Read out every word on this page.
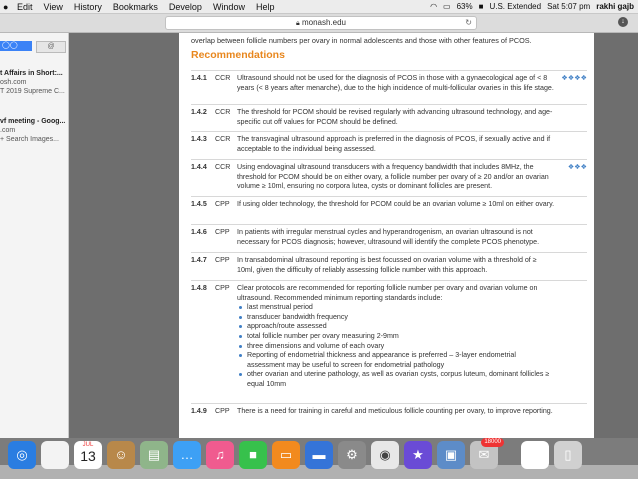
● Edit View History Bookmarks Develop Window Help	◠ ▭ 63% ■ U.S. Extended Sat 5:07 pm rakhi gajb
🔒︎ monash.edu	↻	↓
◯◯	@
t Affairs in Short:...
osh.com
T 2019 Supreme C...
vf meeting - Goog...
.com
+ Search Images...
overlap between follicle numbers per ovary in normal adolescents and those with other features of PCOS.
Recommendations
1.4.1 CCR Ultrasound should not be used for the diagnosis of PCOS in those with a gynaecological age of < 8 years (< 8 years after menarche), due to the high incidence of multi-follicular ovaries in this life stage.
❖❖❖❖
1.4.2 CCR The threshold for PCOM should be revised regularly with advancing ultrasound technology, and age-specific cut off values for PCOM should be defined.
1.4.3 CCR The transvaginal ultrasound approach is preferred in the diagnosis of PCOS, if sexually active and if acceptable to the individual being assessed.
1.4.4 CCR Using endovaginal ultrasound transducers with a frequency bandwidth that includes 8MHz, the threshold for PCOM should be on either ovary, a follicle number per ovary of ≥ 20 and/or an ovarian volume ≥ 10ml, ensuring no corpora lutea, cysts or dominant follicles are present.
❖❖❖
1.4.5 CPP If using older technology, the threshold for PCOM could be an ovarian volume ≥ 10ml on either ovary.
1.4.6 CPP In patients with irregular menstrual cycles and hyperandrogenism, an ovarian ultrasound is not necessary for PCOS diagnosis; however, ultrasound will identify the complete PCOS phenotype.
1.4.7 CPP In transabdominal ultrasound reporting is best focussed on ovarian volume with a threshold of ≥ 10ml, given the difficulty of reliably assessing follicle number with this approach.
1.4.8 CPP Clear protocols are recommended for reporting follicle number per ovary and ovarian volume on ultrasound. Recommended minimum reporting standards include:
last menstrual period
transducer bandwidth frequency
approach/route assessed
total follicle number per ovary measuring 2-9mm
three dimensions and volume of each ovary
Reporting of endometrial thickness and appearance is preferred – 3-layer endometrial assessment may be useful to screen for endometrial pathology
other ovarian and uterine pathology, as well as ovarian cysts, corpus luteum, dominant follicles ≥ equal 10mm
1.4.9 CPP There is a need for training in careful and meticulous follicle counting per ovary, to improve reporting.
◎
JUL
13	☺	▤	…	♫	■	▭	▬	⚙	◉	★	▣	✉
18000
▯
